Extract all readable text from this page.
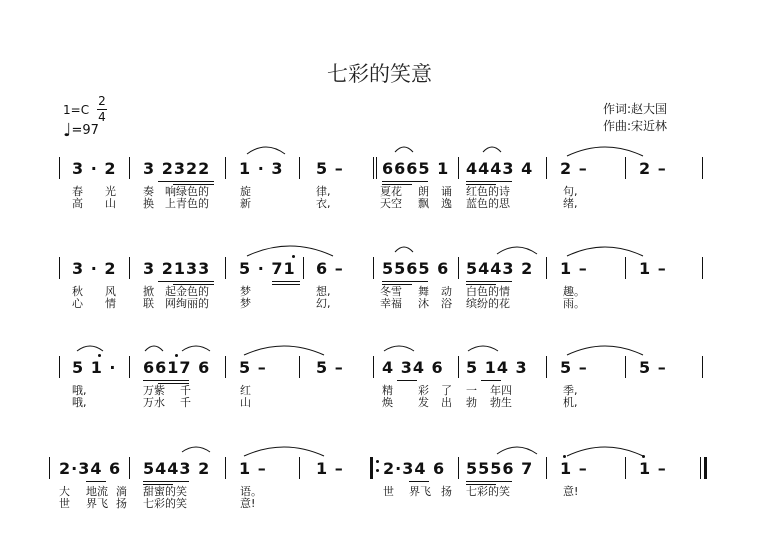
七彩的笑意
1=C
2
4
♩=97
作词:赵大国
作曲:宋近林
3 · 2 3 2322 1 · 3 5 – 6665 1 4443 4 2 –	2 –
春 光 奏 响绿色的	旋	律,	夏花 朗 诵 红色的诗	句,
高 山 换 上青色的	新	衣,	天空 飘 逸 蓝色的思	绪,
3 · 2 3 2133 5 · 71 6 – 5565 6 5443 2 1 –	1 –
秋 风 掀 起金色的	梦	想,	冬雪 舞 动 白色的情	趣。
心 情 联 网绚丽的	梦	幻,	幸福 沐 浴 缤纷的花	雨。
5 1 · 6617 6 5 –	5 – 4 34 6 5 14 3 5 –	5 –
哦,	万紫 千	红	精 彩 了 一 年四	季,
哦,	万水 千	山	焕 发 出 勃 勃生	机,
2·34 6 5443 2 1 –	1 – 2·34 6 5556 7 1 –	1 –
大 地流 淌 甜蜜的笑	语。	世 界飞 扬 七彩的笑	意!
世 界飞 扬 七彩的笑	意!
